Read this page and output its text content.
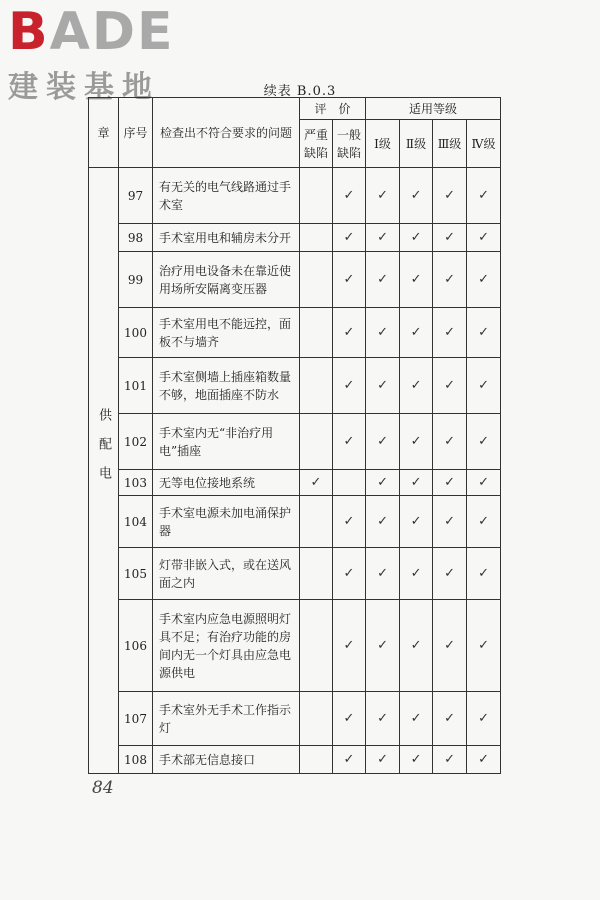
BADE
建装基地	续表 B.0.3
章	序号	检查出不符合要求的问题	评　价		适用等级			
			严重缺陷	一般缺陷	Ⅰ级	Ⅱ级	Ⅲ级	Ⅳ级

供配电	97	有无关的电气线路通过手术室		✓	✓	✓	✓	✓
	98	手术室用电和辅房未分开		✓	✓	✓	✓	✓
	99	治疗用电设备未在靠近使用场所安隔离变压器		✓	✓	✓	✓	✓
	100	手术室用电不能远控，面板不与墙齐		✓	✓	✓	✓	✓
	101	手术室侧墙上插座箱数量不够，地面插座不防水		✓	✓	✓	✓	✓
	102	手术室内无“非治疗用电”插座		✓	✓	✓	✓	✓
	103	无等电位接地系统	✓		✓	✓	✓	✓
	104	手术室电源未加电涌保护器		✓	✓	✓	✓	✓
	105	灯带非嵌入式，或在送风面之内		✓	✓	✓	✓	✓
	106	手术室内应急电源照明灯具不足；有治疗功能的房间内无一个灯具由应急电源供电		✓	✓	✓	✓	✓
	107	手术室外无手术工作指示灯		✓	✓	✓	✓	✓
	108	手术部无信息接口		✓	✓	✓	✓	✓
84
